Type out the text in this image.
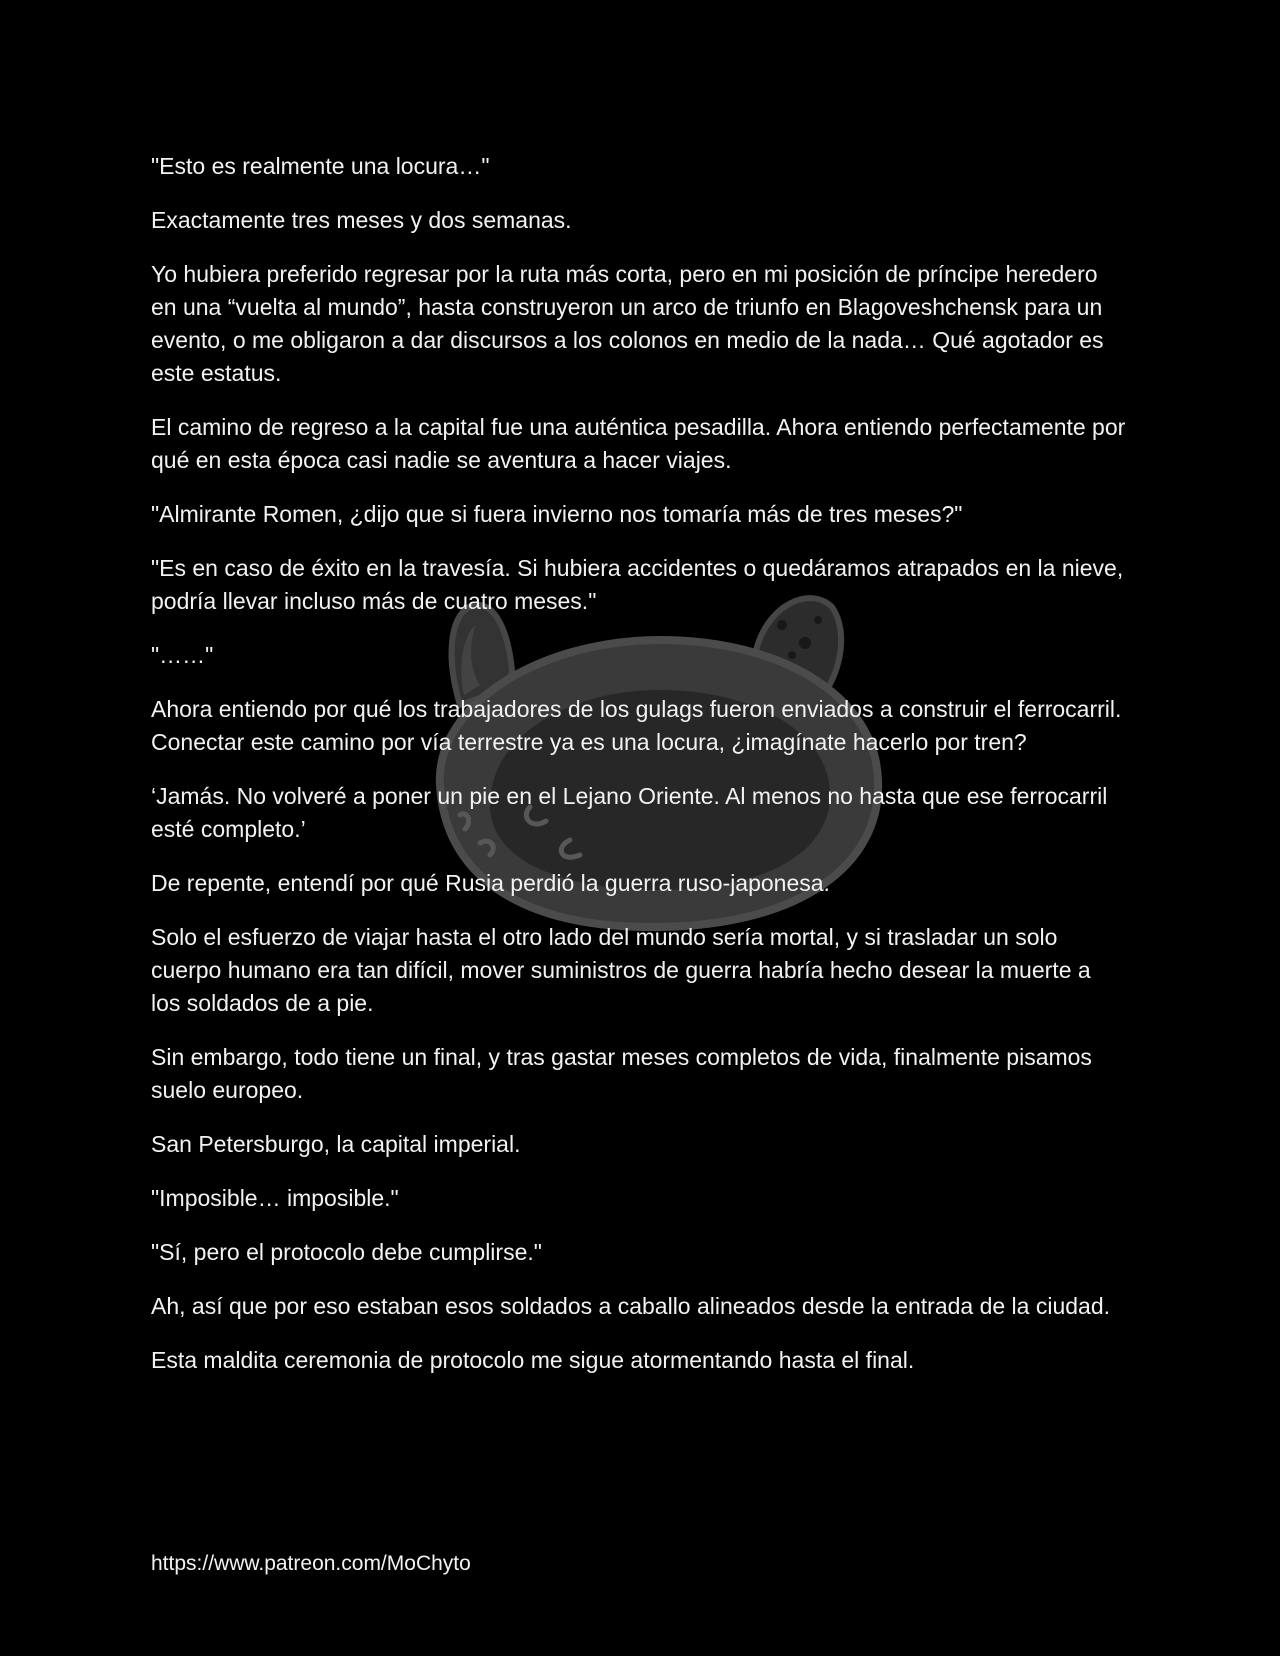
"Esto es realmente una locura…"

Exactamente tres meses y dos semanas.

Yo hubiera preferido regresar por la ruta más corta, pero en mi posición de príncipe heredero en una “vuelta al mundo”, hasta construyeron un arco de triunfo en Blagoveshchensk para un evento, o me obligaron a dar discursos a los colonos en medio de la nada… Qué agotador es este estatus.

El camino de regreso a la capital fue una auténtica pesadilla. Ahora entiendo perfectamente por qué en esta época casi nadie se aventura a hacer viajes.

"Almirante Romen, ¿dijo que si fuera invierno nos tomaría más de tres meses?"

"Es en caso de éxito en la travesía. Si hubiera accidentes o quedáramos atrapados en la nieve, podría llevar incluso más de cuatro meses."

"……"

Ahora entiendo por qué los trabajadores de los gulags fueron enviados a construir el ferrocarril. Conectar este camino por vía terrestre ya es una locura, ¿imagínate hacerlo por tren?

‘Jamás. No volveré a poner un pie en el Lejano Oriente. Al menos no hasta que ese ferrocarril esté completo.’

De repente, entendí por qué Rusia perdió la guerra ruso-japonesa.

Solo el esfuerzo de viajar hasta el otro lado del mundo sería mortal, y si trasladar un solo cuerpo humano era tan difícil, mover suministros de guerra habría hecho desear la muerte a los soldados de a pie.

Sin embargo, todo tiene un final, y tras gastar meses completos de vida, finalmente pisamos suelo europeo.

San Petersburgo, la capital imperial.

"Imposible… imposible."

"Sí, pero el protocolo debe cumplirse."

Ah, así que por eso estaban esos soldados a caballo alineados desde la entrada de la ciudad.

Esta maldita ceremonia de protocolo me sigue atormentando hasta el final.

https://www.patreon.com/MoChyto
